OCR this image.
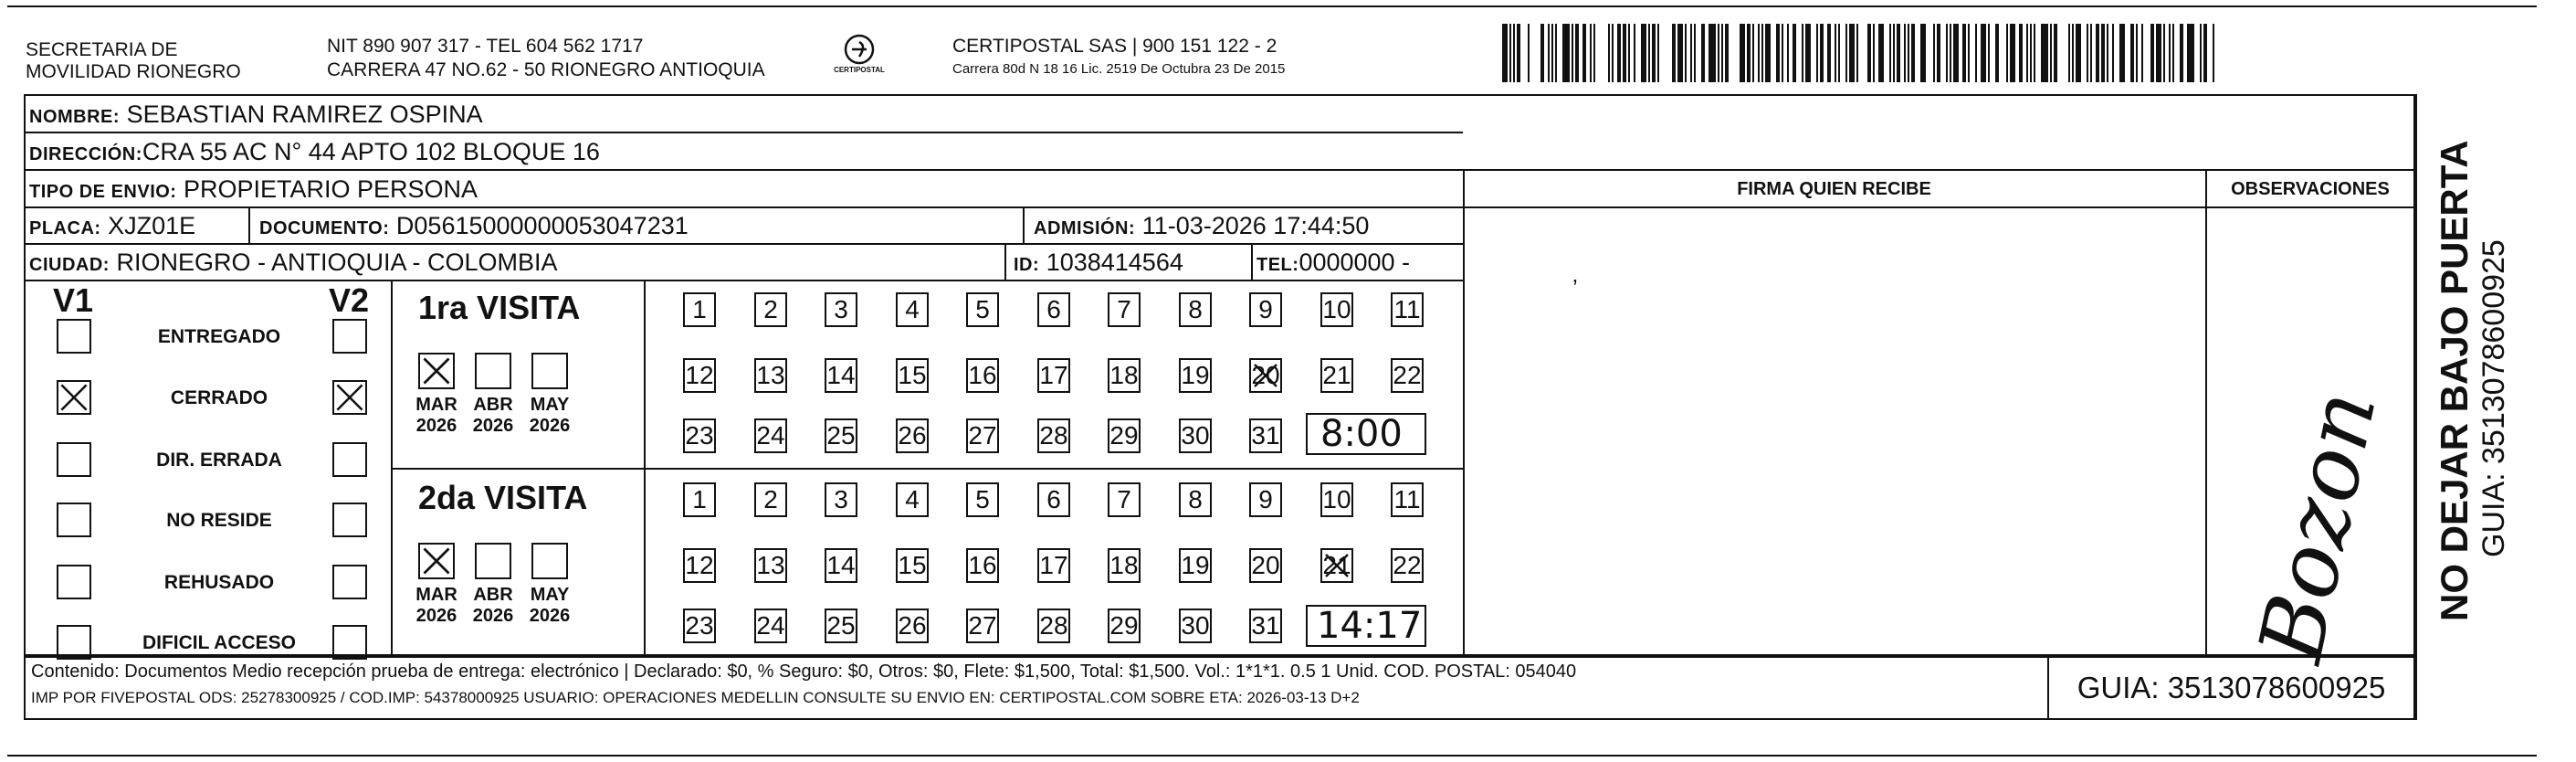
SECRETARIA DE
MOVILIDAD RIONEGRO
NIT 890 907 317 - TEL 604 562 1717
CARRERA 47 NO.62 - 50 RIONEGRO ANTIOQUIA	CERTIPOSTAL
CERTIPOSTAL SAS | 900 151 122 - 2
Carrera 80d N 18 16 Lic. 2519 De Octubra 23 De 2015
NOMBRE: SEBASTIAN RAMIREZ OSPINA
DIRECCIÓN:CRA 55 AC N° 44 APTO 102 BLOQUE 16
TIPO DE ENVIO: PROPIETARIO PERSONA
PLACA: XJZ01E	DOCUMENTO: D05615000000053047231	ADMISIÓN: 11-03-2026 17:44:50
CIUDAD: RIONEGRO - ANTIOQUIA - COLOMBIA	ID: 1038414564	TEL:0000000 -
FIRMA QUIEN RECIBE	OBSERVACIONES
V1	V2
ENTREGADO
CERRADO
DIR. ERRADA
NO RESIDE
REHUSADO
DIFICIL ACCESO
1ra VISITA
2da VISITA
MAR
2026
ABR
2026
MAY
2026
1	2	3	4	5	6	7	8	9	10 11
12 13 14 15 16 17 18 19 20 21 22
23 24 25 26 27 28 29 30 31
MAR
2026
ABR
2026
MAY
2026
1	2	3	4	5	6	7	8	9	10 11
12 13 14 15 16 17 18 19 20 21 22
23 24 25 26 27 28 29 30 31
8:00
14:17
’
Bozon
Contenido: Documentos Medio recepción prueba de entrega: electrónico | Declarado: $0, % Seguro: $0, Otros: $0, Flete: $1,500, Total: $1,500. Vol.: 1*1*1. 0.5 1 Unid. COD. POSTAL: 054040
IMP POR FIVEPOSTAL ODS: 25278300925 / COD.IMP: 54378000925 USUARIO: OPERACIONES MEDELLIN CONSULTE SU ENVIO EN: CERTIPOSTAL.COM SOBRE ETA: 2026-03-13 D+2	GUIA: 3513078600925
NO DEJAR BAJO PUERTA GUIA: 3513078600925
